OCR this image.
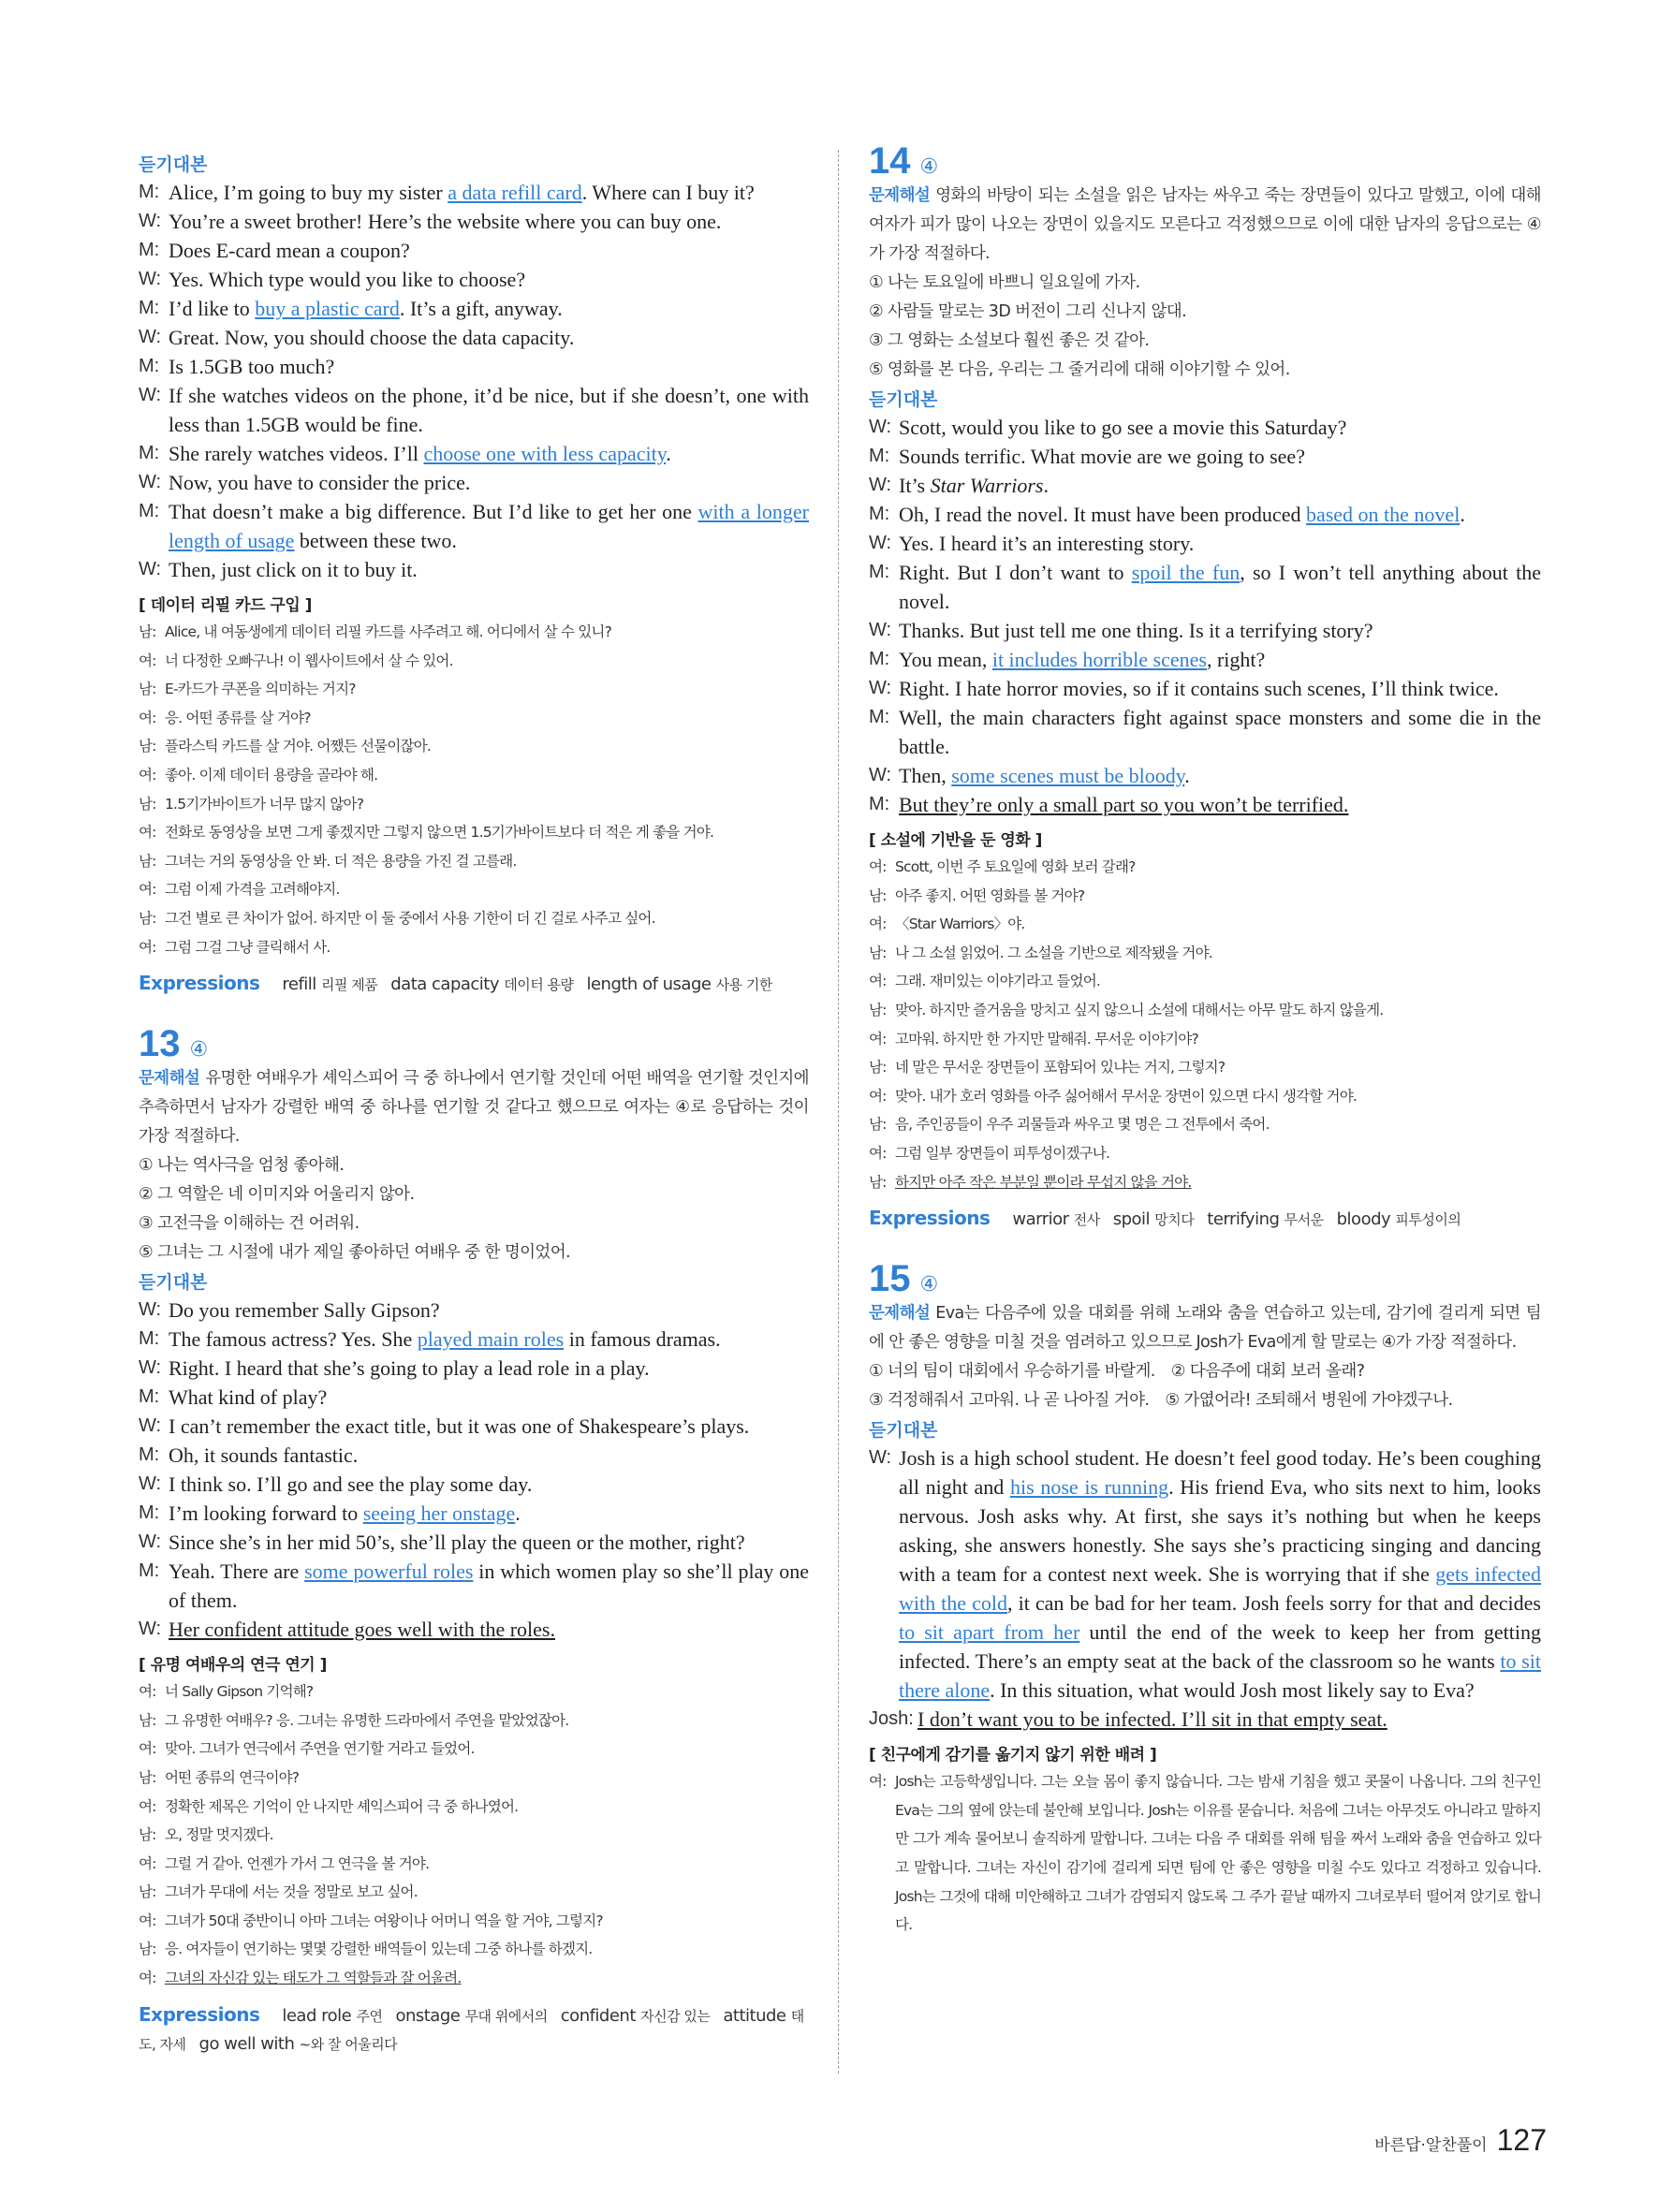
듣기대본
M: Alice, I’m going to buy my sister a data refill card. Where can I buy it?
W: You’re a sweet brother! Here’s the website where you can buy one.
M: Does E-card mean a coupon?
W: Yes. Which type would you like to choose?
M: I’d like to buy a plastic card. It’s a gift, anyway.
W: Great. Now, you should choose the data capacity.
M: Is 1.5GB too much?
W: If she watches videos on the phone, it’d be nice, but if she doesn’t, one with less than 1.5GB would be fine.
M: She rarely watches videos. I’ll choose one with less capacity.
W: Now, you have to consider the price.
M: That doesn’t make a big difference. But I’d like to get her one with a longer length of usage between these two.
W: Then, just click on it to buy it.
[ 데이터 리필 카드 구입 ]
남: Alice, 내 여동생에게 데이터 리필 카드를 사주려고 해. 어디에서 살 수 있니?
여: 너 다정한 오빠구나! 이 웹사이트에서 살 수 있어.
남: E-카드가 쿠폰을 의미하는 거지?
여: 응. 어떤 종류를 살 거야?
남: 플라스틱 카드를 살 거야. 어쨌든 선물이잖아.
여: 좋아. 이제 데이터 용량을 골라야 해.
남: 1.5기가바이트가 너무 많지 않아?
여: 전화로 동영상을 보면 그게 좋겠지만 그렇지 않으면 1.5기가바이트보다 더 적은 게 좋을 거야.
남: 그녀는 거의 동영상을 안 봐. 더 적은 용량을 가진 걸 고를래.
여: 그럼 이제 가격을 고려해야지.
남: 그건 별로 큰 차이가 없어. 하지만 이 둘 중에서 사용 기한이 더 긴 걸로 사주고 싶어.
여: 그럼 그걸 그냥 클릭해서 사.
Expressions refill 리필 제품 data capacity 데이터 용량 length of usage 사용 기한
13 ④
문제해설 유명한 여배우가 셰익스피어 극 중 하나에서 연기할 것인데 어떤 배역을 연기할 것인지에 추측하면서 남자가 강렬한 배역 중 하나를 연기할 것 같다고 했으므로 여자는 ④로 응답하는 것이 가장 적절하다.
① 나는 역사극을 엄청 좋아해.
② 그 역할은 네 이미지와 어울리지 않아.
③ 고전극을 이해하는 건 어려워.
⑤ 그녀는 그 시절에 내가 제일 좋아하던 여배우 중 한 명이었어.
듣기대본
W: Do you remember Sally Gipson?
M: The famous actress? Yes. She played main roles in famous dramas.
W: Right. I heard that she’s going to play a lead role in a play.
M: What kind of play?
W: I can’t remember the exact title, but it was one of Shakespeare’s plays.
M: Oh, it sounds fantastic.
W: I think so. I’ll go and see the play some day.
M: I’m looking forward to seeing her onstage.
W: Since she’s in her mid 50’s, she’ll play the queen or the mother, right?
M: Yeah. There are some powerful roles in which women play so she’ll play one of them.
W: Her confident attitude goes well with the roles.
[ 유명 여배우의 연극 연기 ]
여: 너 Sally Gipson 기억해?
남: 그 유명한 여배우? 응. 그녀는 유명한 드라마에서 주연을 맡았었잖아.
여: 맞아. 그녀가 연극에서 주연을 연기할 거라고 들었어.
남: 어떤 종류의 연극이야?
여: 정확한 제목은 기억이 안 나지만 셰익스피어 극 중 하나였어.
남: 오, 정말 멋지겠다.
여: 그럴 거 같아. 언젠가 가서 그 연극을 볼 거야.
남: 그녀가 무대에 서는 것을 정말로 보고 싶어.
여: 그녀가 50대 중반이니 아마 그녀는 여왕이나 어머니 역을 할 거야, 그렇지?
남: 응. 여자들이 연기하는 몇몇 강렬한 배역들이 있는데 그중 하나를 하겠지.
여: 그녀의 자신감 있는 태도가 그 역할들과 잘 어울려.
Expressions lead role 주연 onstage 무대 위에서의 confident 자신감 있는 attitude 태도, 자세 go well with ~와 잘 어울리다
14 ④
문제해설 영화의 바탕이 되는 소설을 읽은 남자는 싸우고 죽는 장면들이 있다고 말했고, 이에 대해 여자가 피가 많이 나오는 장면이 있을지도 모른다고 걱정했으므로 이에 대한 남자의 응답으로는 ④가 가장 적절하다.
① 나는 토요일에 바쁘니 일요일에 가자.
② 사람들 말로는 3D 버전이 그리 신나지 않대.
③ 그 영화는 소설보다 훨씬 좋은 것 같아.
⑤ 영화를 본 다음, 우리는 그 줄거리에 대해 이야기할 수 있어.
듣기대본
W: Scott, would you like to go see a movie this Saturday?
M: Sounds terrific. What movie are we going to see?
W: It’s Star Warriors.
M: Oh, I read the novel. It must have been produced based on the novel.
W: Yes. I heard it’s an interesting story.
M: Right. But I don’t want to spoil the fun, so I won’t tell anything about the novel.
W: Thanks. But just tell me one thing. Is it a terrifying story?
M: You mean, it includes horrible scenes, right?
W: Right. I hate horror movies, so if it contains such scenes, I’ll think twice.
M: Well, the main characters fight against space monsters and some die in the battle.
W: Then, some scenes must be bloody.
M: But they’re only a small part so you won’t be terrified.
[ 소설에 기반을 둔 영화 ]
여: Scott, 이번 주 토요일에 영화 보러 갈래?
남: 아주 좋지. 어떤 영화를 볼 거야?
여: 〈Star Warriors〉야.
남: 나 그 소설 읽었어. 그 소설을 기반으로 제작됐을 거야.
여: 그래. 재미있는 이야기라고 들었어.
남: 맞아. 하지만 즐거움을 망치고 싶지 않으니 소설에 대해서는 아무 말도 하지 않을게.
여: 고마워. 하지만 한 가지만 말해줘. 무서운 이야기야?
남: 네 말은 무서운 장면들이 포함되어 있냐는 거지, 그렇지?
여: 맞아. 내가 호러 영화를 아주 싫어해서 무서운 장면이 있으면 다시 생각할 거야.
남: 음, 주인공들이 우주 괴물들과 싸우고 몇 명은 그 전투에서 죽어.
여: 그럼 일부 장면들이 피투성이겠구나.
남: 하지만 아주 작은 부분일 뿐이라 무섭지 않을 거야.
Expressions warrior 전사 spoil 망치다 terrifying 무서운 bloody 피투성이의
15 ④
문제해설 Eva는 다음주에 있을 대회를 위해 노래와 춤을 연습하고 있는데, 감기에 걸리게 되면 팀에 안 좋은 영향을 미칠 것을 염려하고 있으므로 Josh가 Eva에게 할 말로는 ④가 가장 적절하다.
① 너의 팀이 대회에서 우승하기를 바랄게. ② 다음주에 대회 보러 올래?
③ 걱정해줘서 고마워. 나 곧 나아질 거야. ⑤ 가엾어라! 조퇴해서 병원에 가야겠구나.
듣기대본
W: Josh is a high school student. He doesn’t feel good today. He’s been coughing all night and his nose is running. His friend Eva, who sits next to him, looks nervous. Josh asks why. At first, she says it’s nothing but when he keeps asking, she answers honestly. She says she’s practicing singing and dancing with a team for a contest next week. She is worrying that if she gets infected with the cold, it can be bad for her team. Josh feels sorry for that and decides to sit apart from her until the end of the week to keep her from getting infected. There’s an empty seat at the back of the classroom so he wants to sit there alone. In this situation, what would Josh most likely say to Eva?
Josh: I don’t want you to be infected. I’ll sit in that empty seat.
[ 친구에게 감기를 옮기지 않기 위한 배려 ]
여: Josh는 고등학생입니다. 그는 오늘 몸이 좋지 않습니다. 그는 밤새 기침을 했고 콧물이 나옵니다. 그의 친구인 Eva는 그의 옆에 앉는데 불안해 보입니다. Josh는 이유를 묻습니다. 처음에 그녀는 아무것도 아니라고 말하지만 그가 계속 물어보니 솔직하게 말합니다. 그녀는 다음 주 대회를 위해 팀을 짜서 노래와 춤을 연습하고 있다고 말합니다. 그녀는 자신이 감기에 걸리게 되면 팀에 안 좋은 영향을 미칠 수도 있다고 걱정하고 있습니다. Josh는 그것에 대해 미안해하고 그녀가 감염되지 않도록 그 주가 끝날 때까지 그녀로부터 떨어져 앉기로 합니다.
바른답·알찬풀이 127
